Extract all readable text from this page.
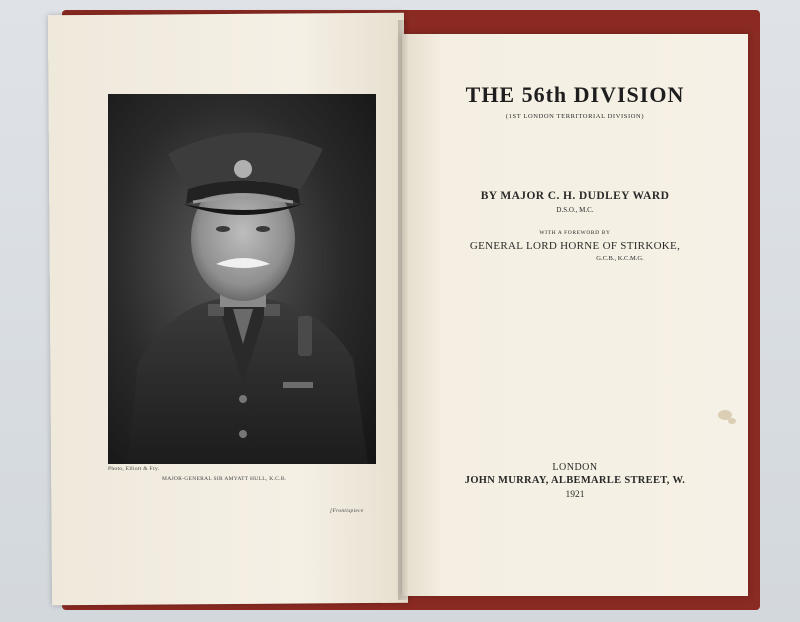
Photo, Elliott & Fry.
MAJOR-GENERAL SIR AMYATT HULL, K.C.B.
[Frontispiece
THE 56th DIVISION
(1ST LONDON TERRITORIAL DIVISION)
BY MAJOR C. H. DUDLEY WARD
D.S.O., M.C.
WITH A FOREWORD BY
GENERAL LORD HORNE OF STIRKOKE,
G.C.B., K.C.M.G.
LONDON
JOHN MURRAY, ALBEMARLE STREET, W.
1921
